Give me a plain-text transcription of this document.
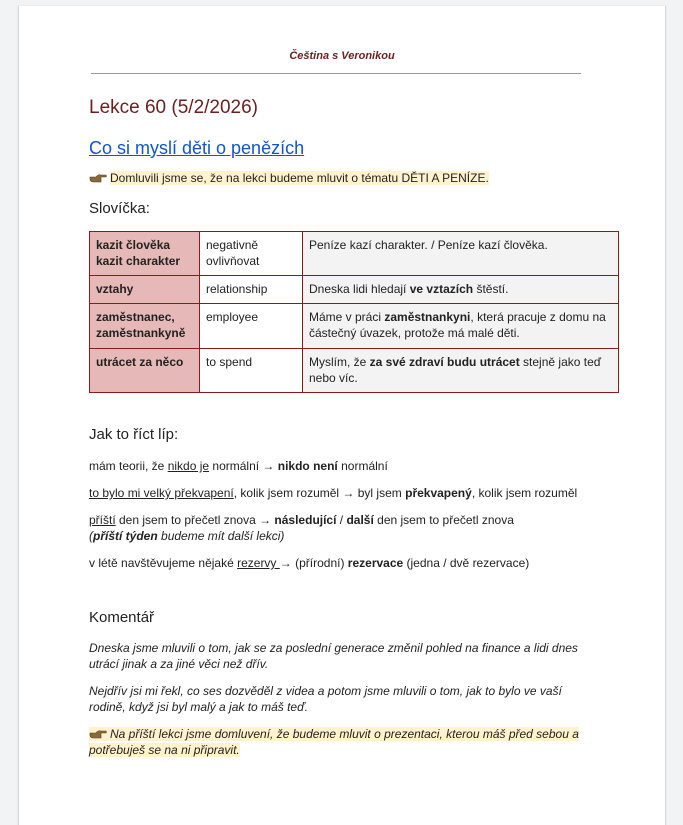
Čeština s Veronikou
Lekce 60 (5/2/2026)
Co si myslí děti o penězích
Domluvili jsme se, že na lekci budeme mluvit o tématu DĚTI A PENÍZE.
Slovíčka:
kazit člověka
kazit charakter	negativně ovlivňovat	Peníze kazí charakter. / Peníze kazí člověka.
vztahy	relationship	Dneska lidi hledají ve vztazích štěstí.
zaměstnanec,
zaměstnankyně	employee	Máme v práci zaměstnankyni, která pracuje z domu na částečný úvazek, protože má malé děti.
utrácet za něco	to spend	Myslím, že za své zdraví budu utrácet stejně jako teď nebo víc.
Jak to říct líp:
mám teorii, že nikdo je normální → nikdo není normální
to bylo mi velký překvapení, kolik jsem rozuměl → byl jsem překvapený, kolik jsem rozuměl
příští den jsem to přečetl znova → následující / další den jsem to přečetl znova
(příští týden budeme mít další lekci)
v létě navštěvujeme nějaké rezervy → (přírodní) rezervace (jedna / dvě rezervace)
Komentář
Dneska jsme mluvili o tom, jak se za poslední generace změnil pohled na finance a lidi dnes utrácí jinak a za jiné věci než dřív.
Nejdřív jsi mi řekl, co ses dozvěděl z videa a potom jsme mluvili o tom, jak to bylo ve vaší rodině, když jsi byl malý a jak to máš teď.
Na příští lekci jsme domluvení, že budeme mluvit o prezentaci, kterou máš před sebou a potřebuješ se na ni připravit.
